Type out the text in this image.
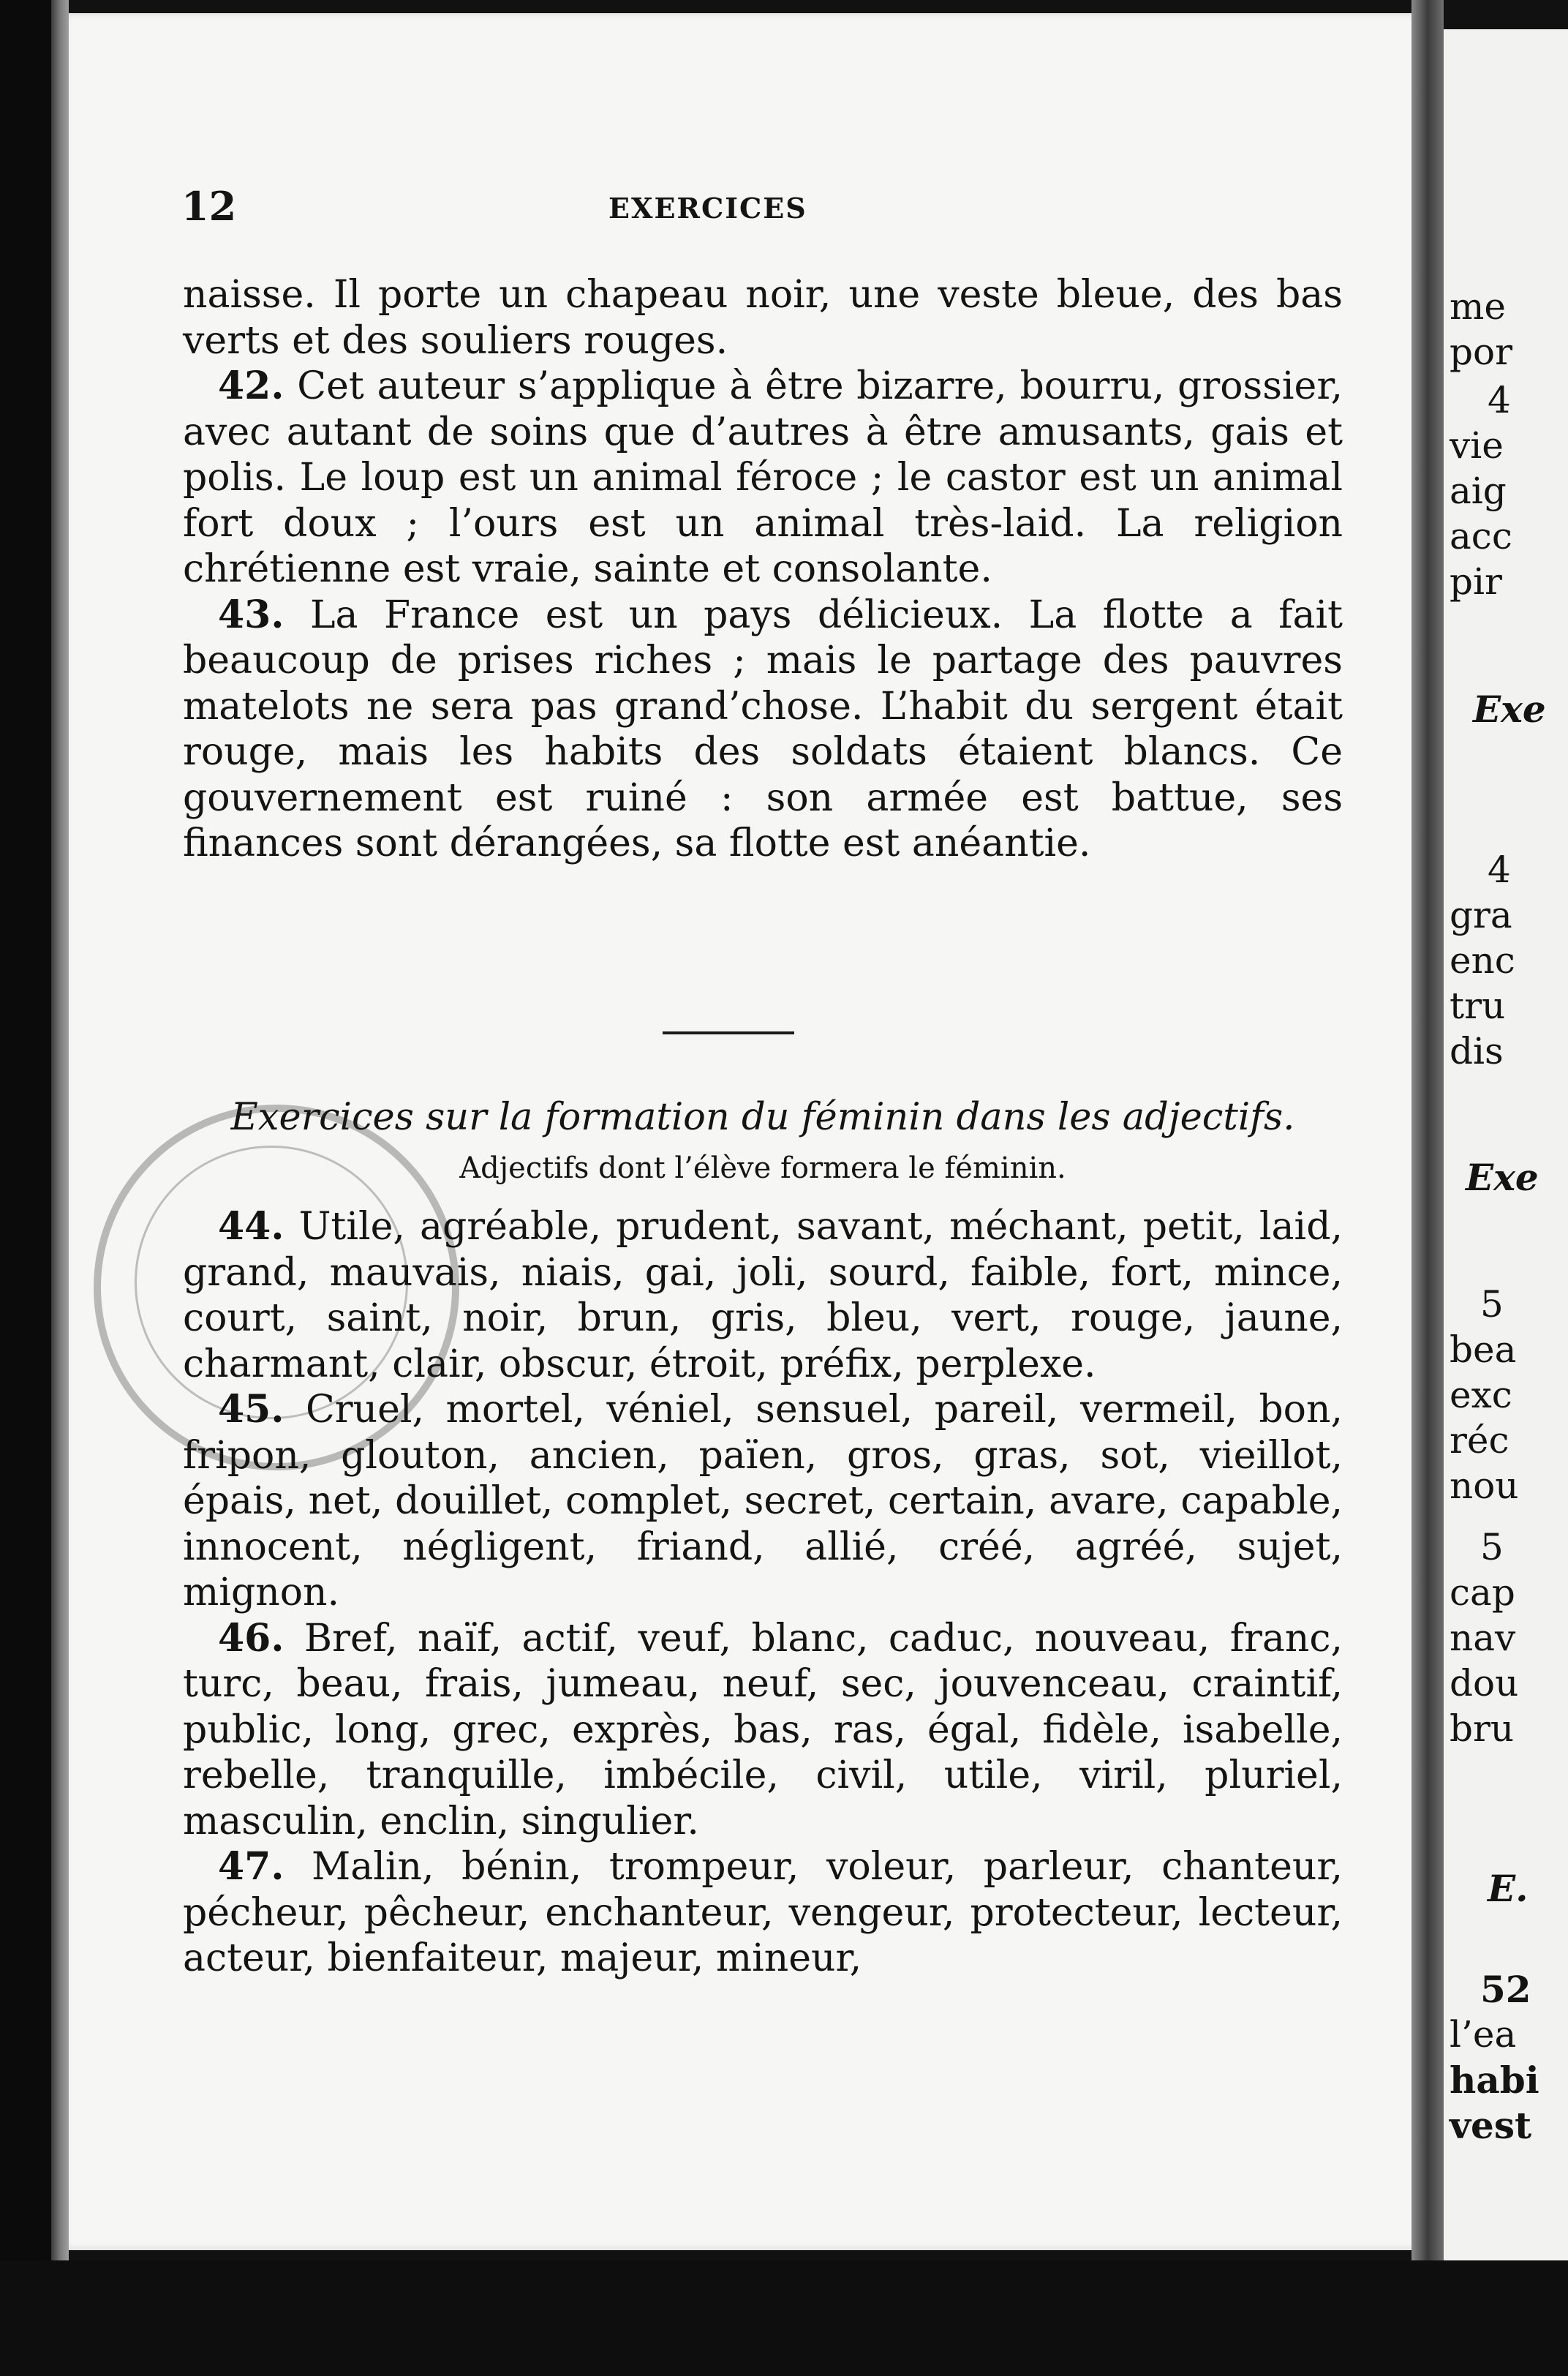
12	EXERCICES

naisse. Il porte un chapeau noir, une veste bleue, des bas verts et des souliers rouges.

42. Cet auteur s’applique à être bizarre, bourru, grossier, avec autant de soins que d’autres à être amusants, gais et polis. Le loup est un animal féroce ; le castor est un animal fort doux ; l’ours est un animal très-laid. La religion chrétienne est vraie, sainte et consolante.

43. La France est un pays délicieux. La flotte a fait beaucoup de prises riches ; mais le partage des pauvres matelots ne sera pas grand’chose. L’habit du sergent était rouge, mais les habits des soldats étaient blancs. Ce gouvernement est ruiné : son armée est battue, ses finances sont dérangées, sa flotte est anéantie.

Exercices sur la formation du féminin dans les adjectifs.
Adjectifs dont l’élève formera le féminin.

44. Utile, agréable, prudent, savant, méchant, petit, laid, grand, mauvais, niais, gai, joli, sourd, faible, fort, mince, court, saint, noir, brun, gris, bleu, vert, rouge, jaune, charmant, clair, obscur, étroit, préfix, perplexe.

45. Cruel, mortel, véniel, sensuel, pareil, vermeil, bon, fripon, glouton, ancien, païen, gros, gras, sot, vieillot, épais, net, douillet, complet, secret, certain, avare, capable, innocent, négligent, friand, allié, créé, agréé, sujet, mignon.

46. Bref, naïf, actif, veuf, blanc, caduc, nouveau, franc, turc, beau, frais, jumeau, neuf, sec, jouvenceau, craintif, public, long, grec, exprès, bas, ras, égal, fidèle, isabelle, rebelle, tranquille, imbécile, civil, utile, viril, pluriel, masculin, enclin, singulier.

47. Malin, bénin, trompeur, voleur, parleur, chanteur, pécheur, pêcheur, enchanteur, vengeur, protecteur, lecteur, acteur, bienfaiteur, majeur, mineur,

me
por
4
vie
aig
acc
pir
Exe
4
gra
enc
tru
dis
Exe
5
bea
exc
réc
nou
5
cap
nav
dou
bru
E.
52
l’ea
habi
vest
